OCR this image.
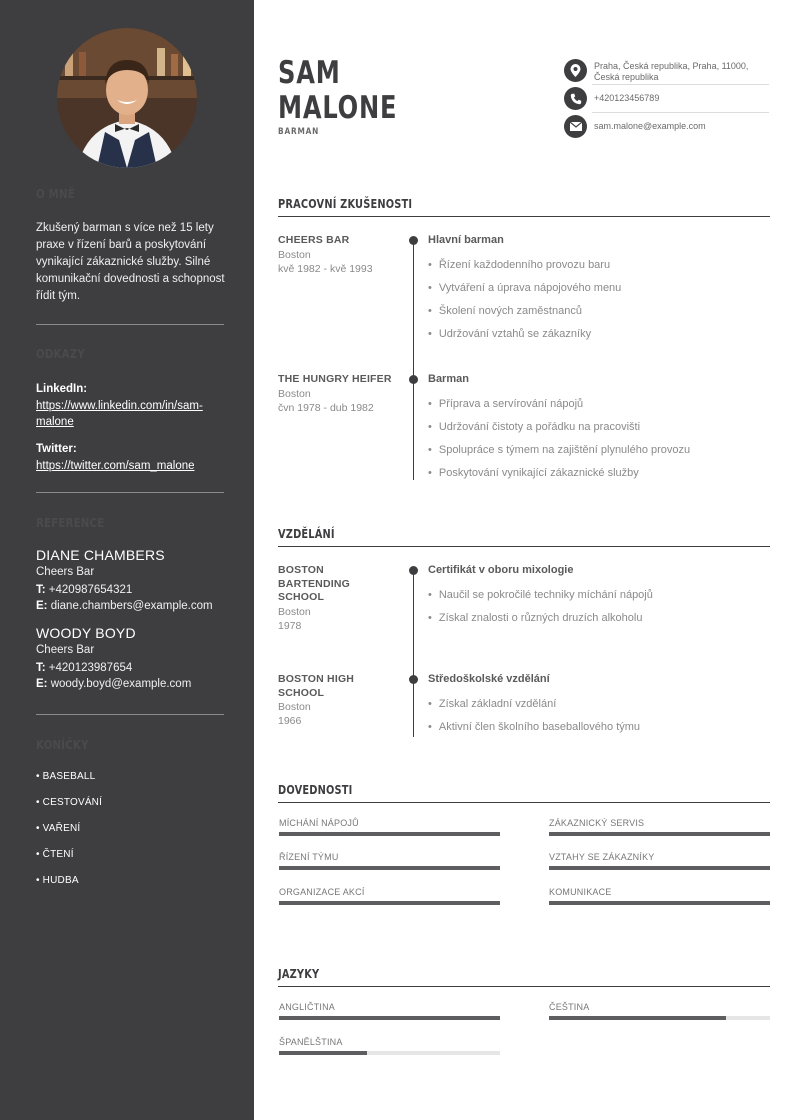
O MNĚ
Zkušený barman s více než 15 lety praxe v řízení barů a poskytování vynikající zákaznické služby. Silné komunikační dovednosti a schopnost řídit tým.
ODKAZY
LinkedIn:
https://www.linkedin.com/in/sam-malone
Twitter:
https://twitter.com/sam_malone
REFERENCE
DIANE CHAMBERS
Cheers Bar
T: +420987654321
E: diane.chambers@example.com
WOODY BOYD
Cheers Bar
T: +420123987654
E: woody.boyd@example.com
KONÍČKY
• BASEBALL
• CESTOVÁNÍ
• VAŘENÍ
• ČTENÍ
• HUDBA
SAM
MALONE
BARMAN
Praha, Česká republika, Praha, 11000, Česká republika
+420123456789
sam.malone@example.com
PRACOVNÍ ZKUŠENOSTI
CHEERS BAR
Boston
kvě 1982 - kvě 1993
Hlavní barman
• Řízení každodenního provozu baru
• Vytváření a úprava nápojového menu
• Školení nových zaměstnanců
• Udržování vztahů se zákazníky
THE HUNGRY HEIFER
Boston
čvn 1978 - dub 1982
Barman
• Příprava a servírování nápojů
• Udržování čistoty a pořádku na pracovišti
• Spolupráce s týmem na zajištění plynulého provozu
• Poskytování vynikající zákaznické služby
VZDĚLÁNÍ
BOSTON
BARTENDING
SCHOOL
Boston
1978
Certifikát v oboru mixologie
• Naučil se pokročilé techniky míchání nápojů
• Získal znalosti o různých druzích alkoholu
BOSTON HIGH
SCHOOL
Boston
1966
Středoškolské vzdělání
• Získal základní vzdělání
• Aktivní člen školního baseballového týmu
DOVEDNOSTI
MÍCHÁNÍ NÁPOJŮ	ZÁKAZNICKÝ SERVIS
ŘÍZENÍ TÝMU	VZTAHY SE ZÁKAZNÍKY
ORGANIZACE AKCÍ	KOMUNIKACE
JAZYKY
ANGLIČTINA	ČEŠTINA
ŠPANĚLŠTINA
